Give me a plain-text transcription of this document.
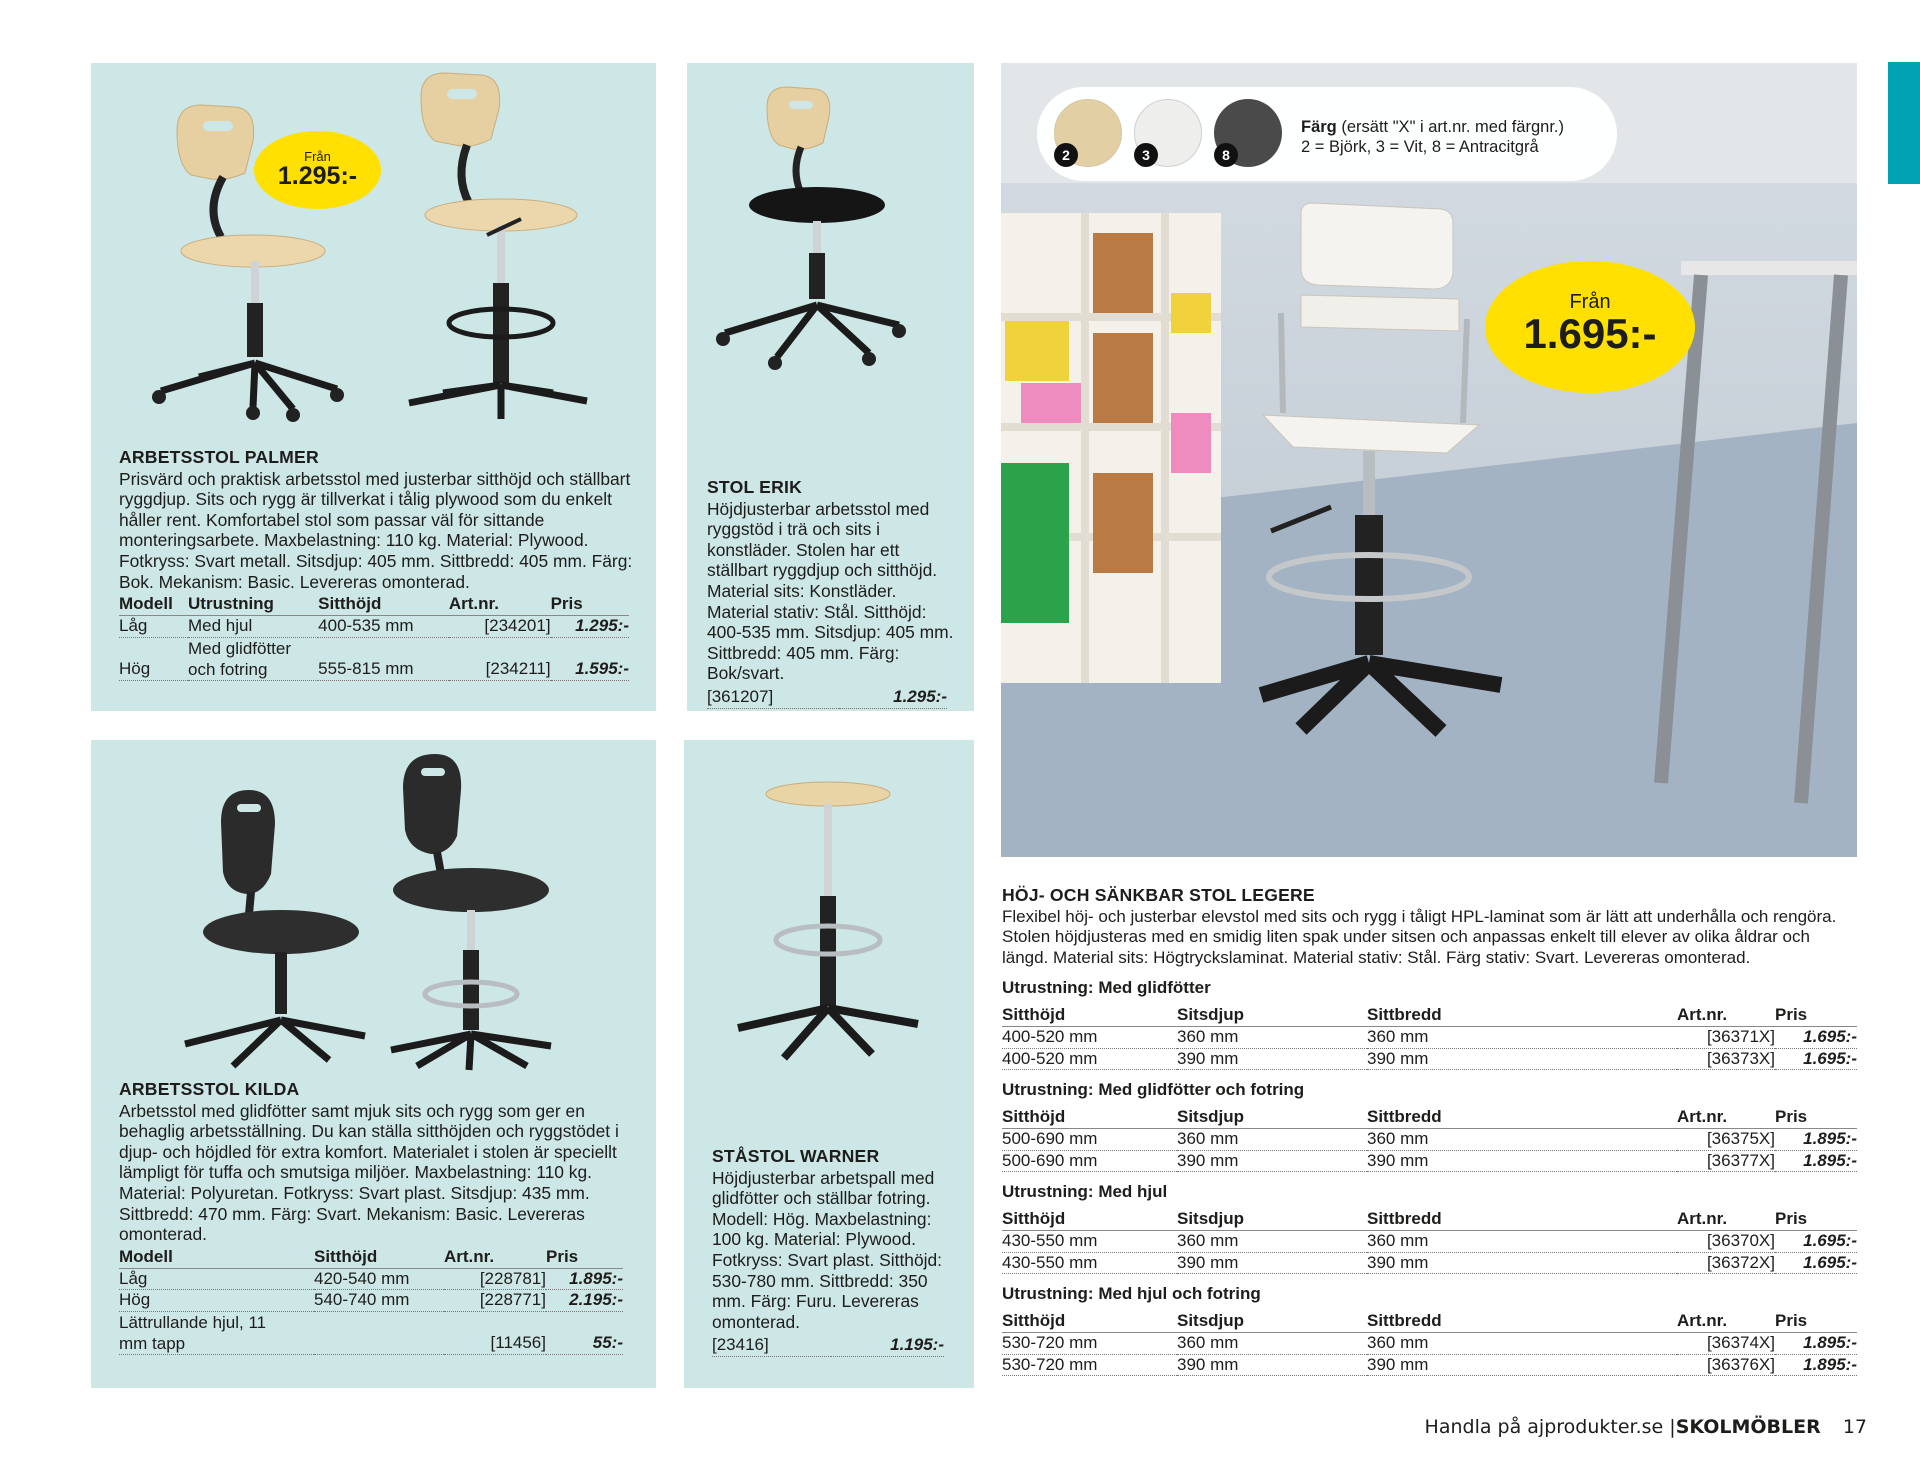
Från
1.295:-
ARBETSSTOL PALMER
Prisvärd och praktisk arbetsstol med justerbar sitthöjd och ställbart ryggdjup. Sits och rygg är tillverkat i tålig plywood som du enkelt håller rent. Komfortabel stol som passar väl för sittande monteringsarbete. Maxbelastning: 110 kg. Material: Plywood. Fotkryss: Svart metall. Sitsdjup: 405 mm. Sittbredd: 405 mm. Färg: Bok. Mekanism: Basic. Levereras omonterad.
Modell	Utrustning	Sitthöjd	Art.nr.	Pris
Låg	Med hjul	400-535 mm	[234201]	1.295:-
Hög	Med glidfötter och fotring	555-815 mm	[234211]	1.595:-
STOL ERIK
Höjdjusterbar arbetsstol med ryggstöd i trä och sits i konstläder. Stolen har ett ställbart ryggdjup och sitthöjd. Material sits: Konstläder. Material stativ: Stål. Sitthöjd: 400-535 mm. Sitsdjup: 405 mm. Sittbredd: 405 mm. Färg: Bok/svart.
[361207]	1.295:-
ARBETSSTOL KILDA
Arbetsstol med glidfötter samt mjuk sits och rygg som ger en behaglig arbetsställning. Du kan ställa sitthöjden och ryggstödet i djup- och höjdled för extra komfort. Materialet i stolen är speciellt lämpligt för tuffa och smutsiga miljöer. Maxbelastning: 110 kg. Material: Polyuretan. Fotkryss: Svart plast. Sitsdjup: 435 mm. Sittbredd: 470 mm. Färg: Svart. Mekanism: Basic. Levereras omonterad.
Modell	Sitthöjd	Art.nr.	Pris
Låg	420-540 mm	[228781]	1.895:-
Hög	540-740 mm	[228771]	2.195:-
Lättrullande hjul, 11 mm tapp		[11456]	55:-
STÅSTOL WARNER
Höjdjusterbar arbetspall med glidfötter och ställbar fotring. Modell: Hög. Maxbelastning: 100 kg. Material: Plywood. Fotkryss: Svart plast. Sitthöjd: 530-780 mm. Sittbredd: 350 mm. Färg: Furu. Levereras omonterad.
[23416]	1.195:-
2	3	8
Färg (ersätt "X" i art.nr. med färgnr.)
2 = Björk, 3 = Vit, 8 = Antracitgrå
Från
1.695:-
HÖJ- OCH SÄNKBAR STOL LEGERE
Flexibel höj- och justerbar elevstol med sits och rygg i tåligt HPL-laminat som är lätt att underhålla och rengöra. Stolen höjdjusteras med en smidig liten spak under sitsen och anpassas enkelt till elever av olika åldrar och längd. Material sits: Högtryckslaminat. Material stativ: Stål. Färg stativ: Svart. Levereras omonterad.
Utrustning: Med glidfötter
Sitthöjd	Sitsdjup	Sittbredd	Art.nr.	Pris
400-520 mm	360 mm	360 mm	[36371X]	1.695:-
400-520 mm	390 mm	390 mm	[36373X]	1.695:-
Utrustning: Med glidfötter och fotring
Sitthöjd	Sitsdjup	Sittbredd	Art.nr.	Pris
500-690 mm	360 mm	360 mm	[36375X]	1.895:-
500-690 mm	390 mm	390 mm	[36377X]	1.895:-
Utrustning: Med hjul
Sitthöjd	Sitsdjup	Sittbredd	Art.nr.	Pris
430-550 mm	360 mm	360 mm	[36370X]	1.695:-
430-550 mm	390 mm	390 mm	[36372X]	1.695:-
Utrustning: Med hjul och fotring
Sitthöjd	Sitsdjup	Sittbredd	Art.nr.	Pris
530-720 mm	360 mm	360 mm	[36374X]	1.895:-
530-720 mm	390 mm	390 mm	[36376X]	1.895:-
Handla på ajprodukter.se |SKOLMÖBLER 17
